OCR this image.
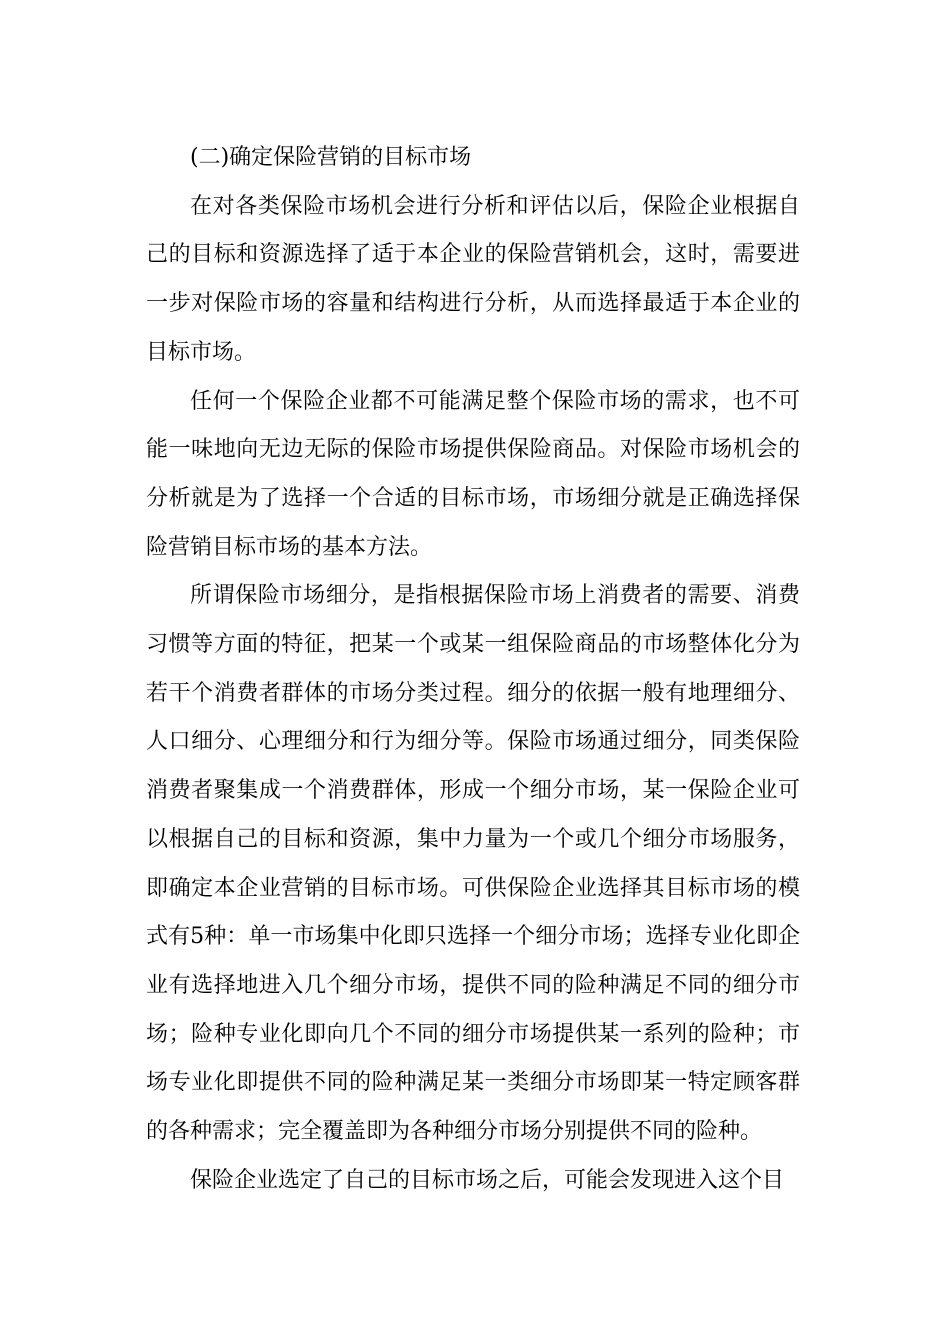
(二)确定保险营销的目标市场

在对各类保险市场机会进行分析和评估以后，保险企业根据自己的目标和资源选择了适于本企业的保险营销机会，这时，需要进一步对保险市场的容量和结构进行分析，从而选择最适于本企业的目标市场。

任何一个保险企业都不可能满足整个保险市场的需求，也不可能一味地向无边无际的保险市场提供保险商品。对保险市场机会的分析就是为了选择一个合适的目标市场，市场细分就是正确选择保险营销目标市场的基本方法。

所谓保险市场细分，是指根据保险市场上消费者的需要、消费习惯等方面的特征，把某一个或某一组保险商品的市场整体化分为若干个消费者群体的市场分类过程。细分的依据一般有地理细分、人口细分、心理细分和行为细分等。保险市场通过细分，同类保险消费者聚集成一个消费群体，形成一个细分市场，某一保险企业可以根据自己的目标和资源，集中力量为一个或几个细分市场服务，即确定本企业营销的目标市场。可供保险企业选择其目标市场的模式有5种：单一市场集中化即只选择一个细分市场；选择专业化即企业有选择地进入几个细分市场，提供不同的险种满足不同的细分市场；险种专业化即向几个不同的细分市场提供某一系列的险种；市场专业化即提供不同的险种满足某一类细分市场即某一特定顾客群的各种需求；完全覆盖即为各种细分市场分别提供不同的险种。

保险企业选定了自己的目标市场之后，可能会发现进入这个目
